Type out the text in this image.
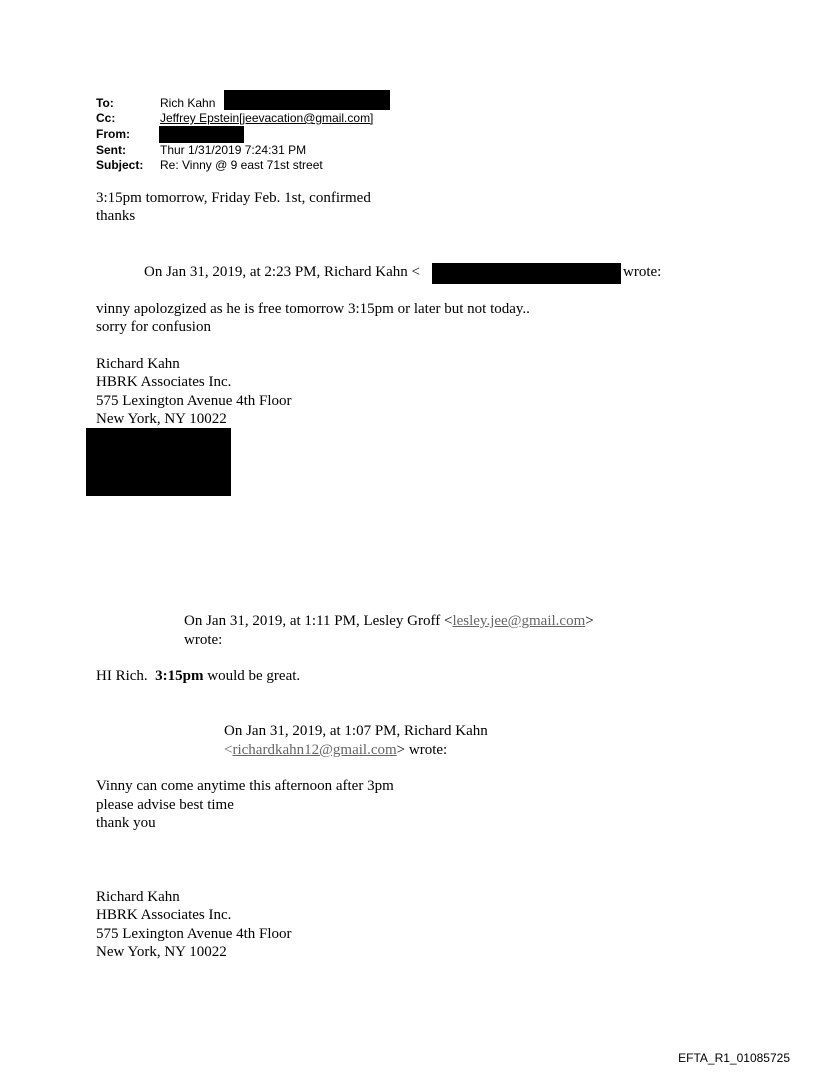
To:	Rich Kahn
Cc:	Jeffrey Epstein[jeevacation@gmail.com]
From:
Sent:	Thur 1/31/2019 7:24:31 PM
Subject: Re: Vinny @ 9 east 71st street
3:15pm tomorrow, Friday Feb. 1st, confirmed
thanks
On Jan 31, 2019, at 2:23 PM, Richard Kahn <	wrote:
vinny apolozgized as he is free tomorrow 3:15pm or later but not today..
sorry for confusion
Richard Kahn
HBRK Associates Inc.
575 Lexington Avenue 4th Floor
New York, NY 10022
On Jan 31, 2019, at 1:11 PM, Lesley Groff <lesley.jee@gmail.com>
wrote:
HI Rich. 3:15pm would be great.
On Jan 31, 2019, at 1:07 PM, Richard Kahn
<richardkahn12@gmail.com> wrote:
Vinny can come anytime this afternoon after 3pm
please advise best time
thank you
Richard Kahn
HBRK Associates Inc.
575 Lexington Avenue 4th Floor
New York, NY 10022
EFTA_R1_01085725
